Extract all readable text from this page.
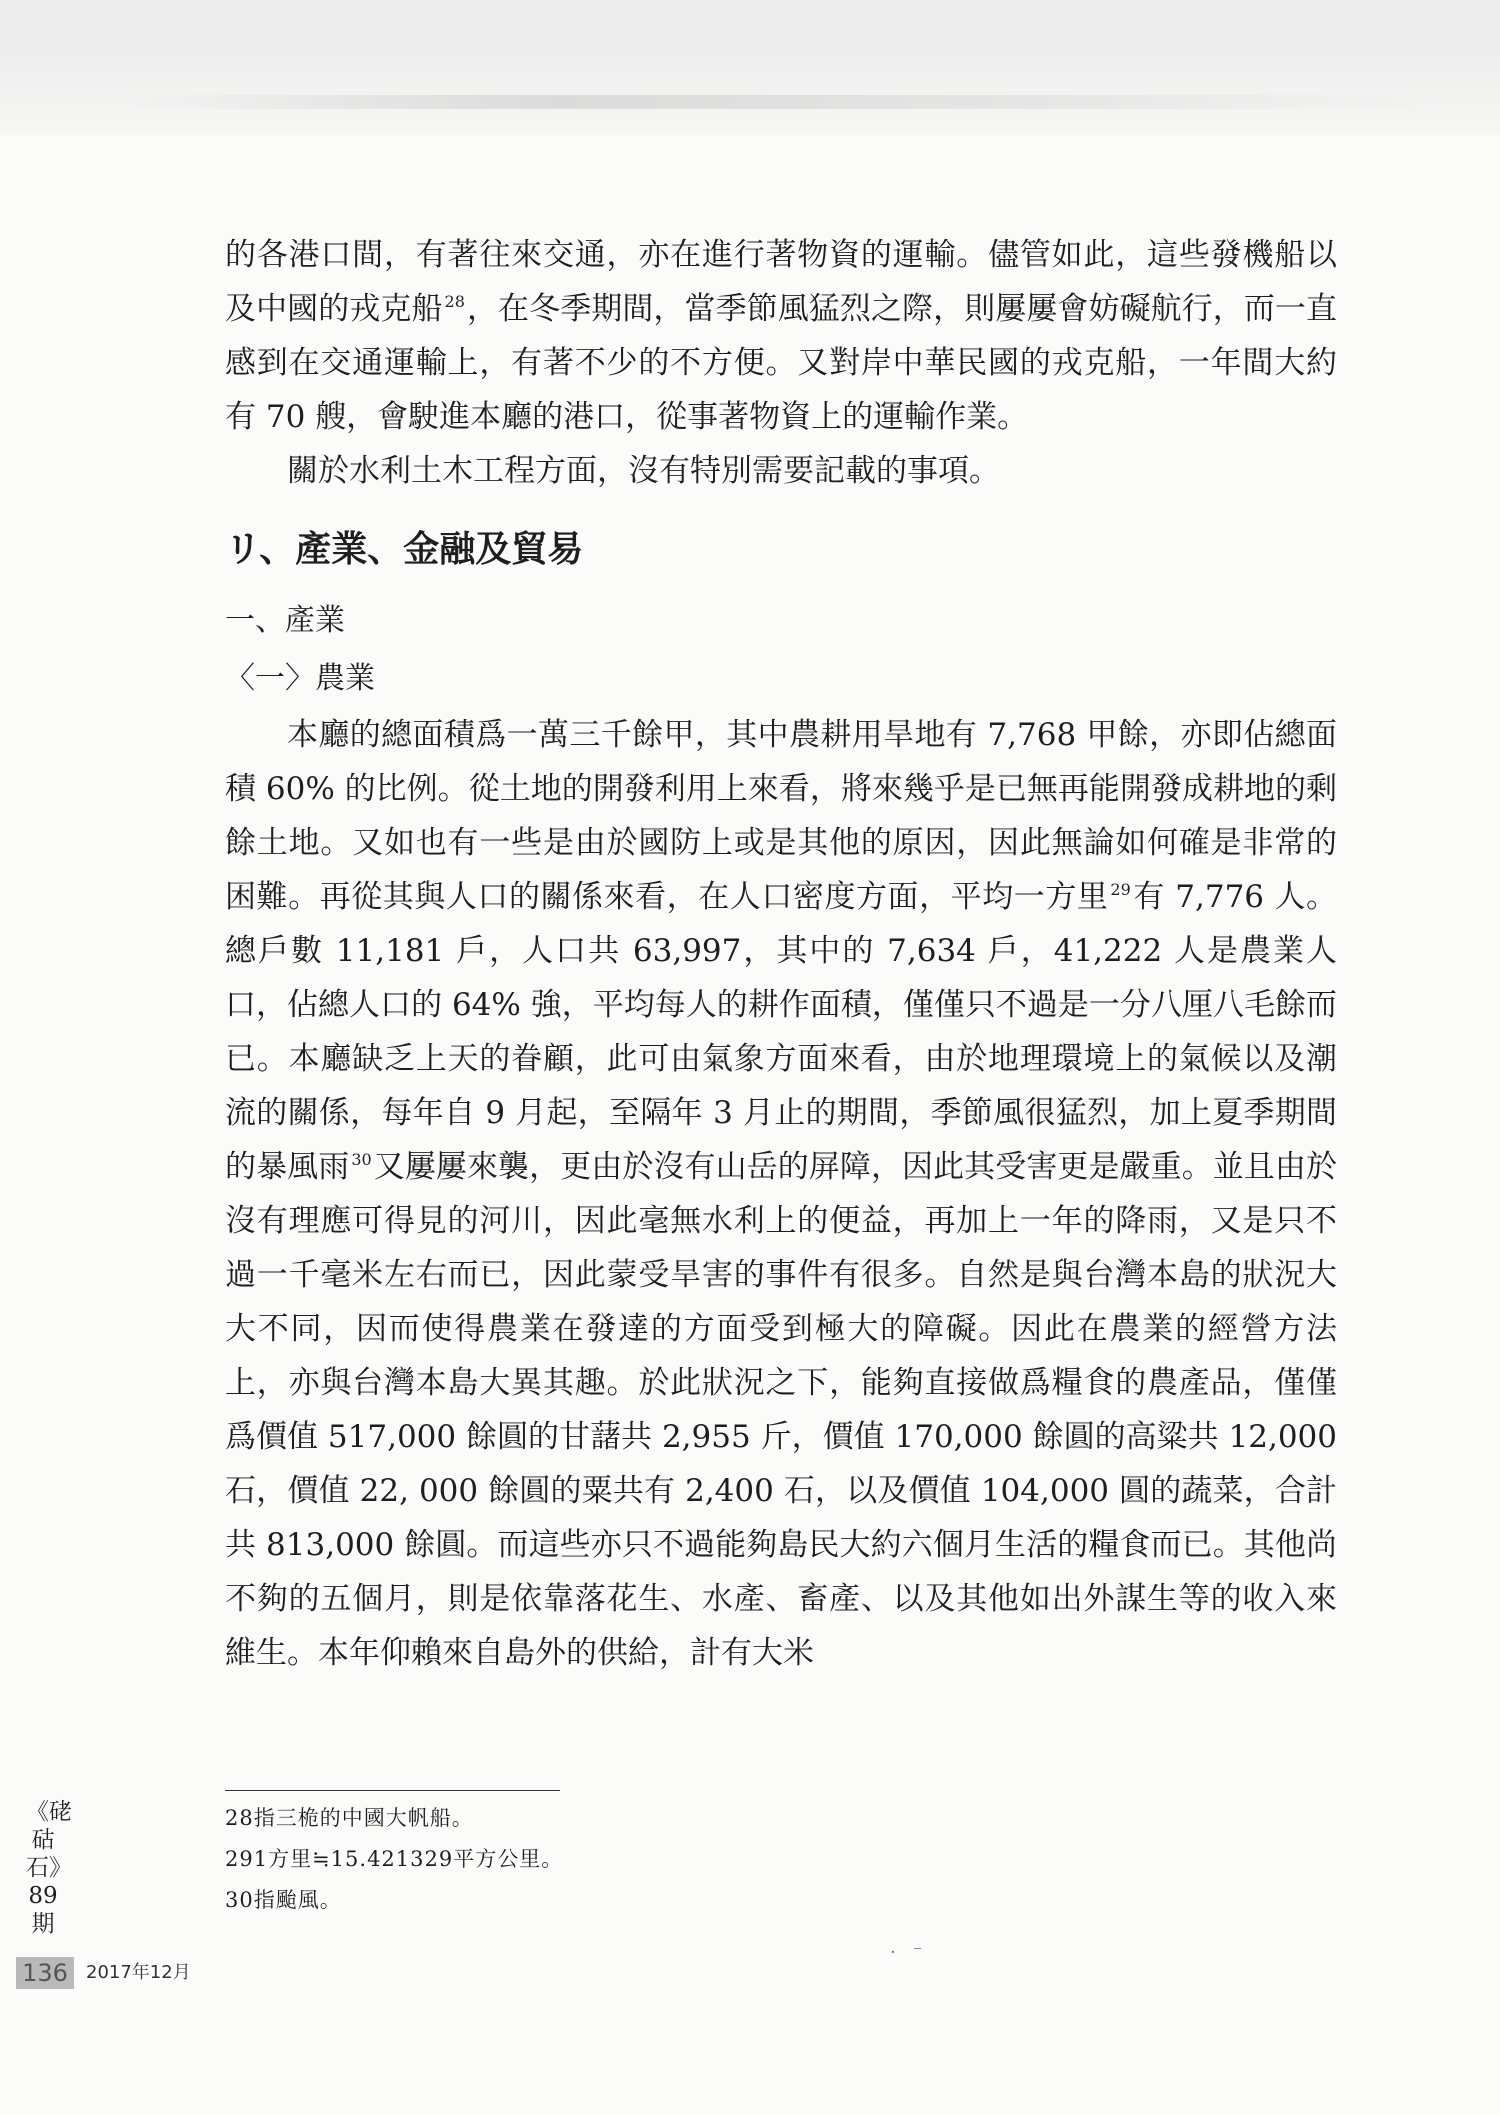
的各港口間，有著往來交通，亦在進行著物資的運輸。儘管如此，這些發機船以及中國的戎克船 $^{28}$，在冬季期間，當季節風猛烈之際，則屢屢會妨礙航行，而一直感到在交通運輸上，有著不少的不方便。又對岸中華民國的戎克船，一年間大約有 70 艘，會駛進本廳的港口，從事著物資上的運輸作業。

關於水利土木工程方面，沒有特別需要記載的事項。

リ、產業、金融及貿易
一、產業
〈一〉農業

本廳的總面積爲一萬三千餘甲，其中農耕用旱地有 7,768 甲餘，亦即佔總面積 60% 的比例。從土地的開發利用上來看，將來幾乎是已無再能開發成耕地的剩餘土地。又如也有一些是由於國防上或是其他的原因，因此無論如何確是非常的困難。再從其與人口的關係來看，在人口密度方面，平均一方里 $^{29}$有 7,776 人。總戶數 11,181 戶，人口共 63,997，其中的 7,634 戶，41,222 人是農業人口，佔總人口的 64% 強，平均每人的耕作面積，僅僅只不過是一分八厘八毛餘而已。本廳缺乏上天的眷顧，此可由氣象方面來看，由於地理環境上的氣候以及潮流的關係，每年自 9 月起，至隔年 3 月止的期間，季節風很猛烈，加上夏季期間的暴風雨 $^{30}$又屢屢來襲，更由於沒有山岳的屏障，因此其受害更是嚴重。並且由於沒有理應可得見的河川，因此毫無水利上的便益，再加上一年的降雨，又是只不過一千毫米左右而已，因此蒙受旱害的事件有很多。自然是與台灣本島的狀況大大不同，因而使得農業在發達的方面受到極大的障礙。因此在農業的經營方法上，亦與台灣本島大異其趣。於此狀況之下，能夠直接做爲糧食的農產品，僅僅爲價值 517,000 餘圓的甘藷共 2,955 斤，價值 170,000 餘圓的高粱共 12,000 石，價值 22, 000 餘圓的粟共有 2,400 石，以及價值 104,000 圓的蔬菜，合計共 813,000 餘圓。而這些亦只不過能夠島民大約六個月生活的糧食而已。其他尚不夠的五個月，則是依靠落花生、水產、畜產、以及其他如出外謀生等的收入來維生。本年仰賴來自島外的供給，計有大米

28指三桅的中國大帆船。
291方里≒15.421329平方公里。
30指颱風。
《硓𥑮石》89期
136	2017年12月
·   ⁻
